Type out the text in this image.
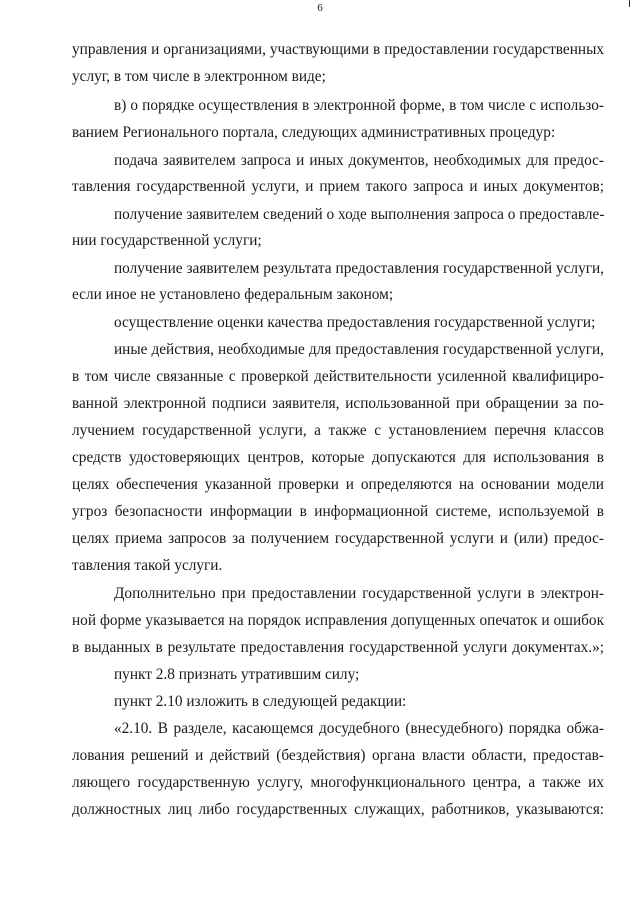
6
управления и организациями, участвующими в предоставлении государственных
услуг, в том числе в электронном виде;
в) о порядке осуществления в электронной форме, в том числе с использо-
ванием Регионального портала, следующих административных процедур:
подача заявителем запроса и иных документов, необходимых для предос-
тавления государственной услуги, и прием такого запроса и иных документов;
получение заявителем сведений о ходе выполнения запроса о предоставле-
нии государственной услуги;
получение заявителем результата предоставления государственной услуги,
если иное не установлено федеральным законом;
осуществление оценки качества предоставления государственной услуги;
иные действия, необходимые для предоставления государственной услуги,
в том числе связанные с проверкой действительности усиленной квалифициро-
ванной электронной подписи заявителя, использованной при обращении за по-
лучением государственной услуги, а также с установлением перечня классов
средств удостоверяющих центров, которые допускаются для использования в
целях обеспечения указанной проверки и определяются на основании модели
угроз безопасности информации в информационной системе, используемой в
целях приема запросов за получением государственной услуги и (или) предос-
тавления такой услуги.
Дополнительно при предоставлении государственной услуги в электрон-
ной форме указывается на порядок исправления допущенных опечаток и ошибок
в выданных в результате предоставления государственной услуги документах.»;
пункт 2.8 признать утратившим силу;
пункт 2.10 изложить в следующей редакции:
«2.10. В разделе, касающемся досудебного (внесудебного) порядка обжа-
лования решений и действий (бездействия) органа власти области, предостав-
ляющего государственную услугу, многофункционального центра, а также их
должностных лиц либо государственных служащих, работников, указываются:
